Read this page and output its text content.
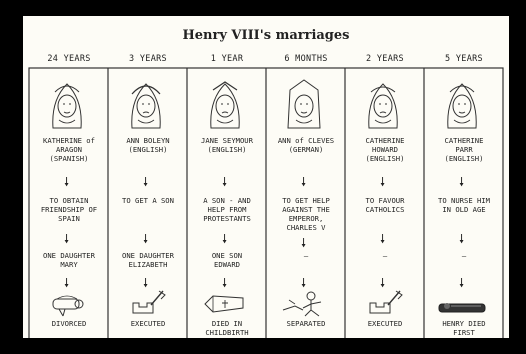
Henry VIII's marriages
24 YEARS
KATHERINE of
ARAGON
(SPANISH)
🠗
TO OBTAIN
FRIENDSHIP OF
SPAIN
🠗
ONE DAUGHTER
MARY
🠗
DIVORCED
3 YEARS
ANN BOLEYN
(ENGLISH)
🠗
TO GET A SON
🠗
ONE DAUGHTER
ELIZABETH
🠗
EXECUTED
1 YEAR
JANE SEYMOUR
(ENGLISH)
🠗
A SON - AND
HELP FROM
PROTESTANTS
🠗
ONE SON
EDWARD
🠗
DIED IN
CHILDBIRTH
6 MONTHS
ANN of CLEVES
(GERMAN)
🠗
TO GET HELP
AGAINST THE
EMPEROR,
CHARLES V
🠗
—
🠗
SEPARATED
2 YEARS
CATHERINE
HOWARD
(ENGLISH)
🠗
TO FAVOUR
CATHOLICS
🠗
—
🠗
EXECUTED
5 YEARS
CATHERINE
PARR
(ENGLISH)
🠗
TO NURSE HIM
IN OLD AGE
🠗
—
🠗
HENRY DIED
FIRST
